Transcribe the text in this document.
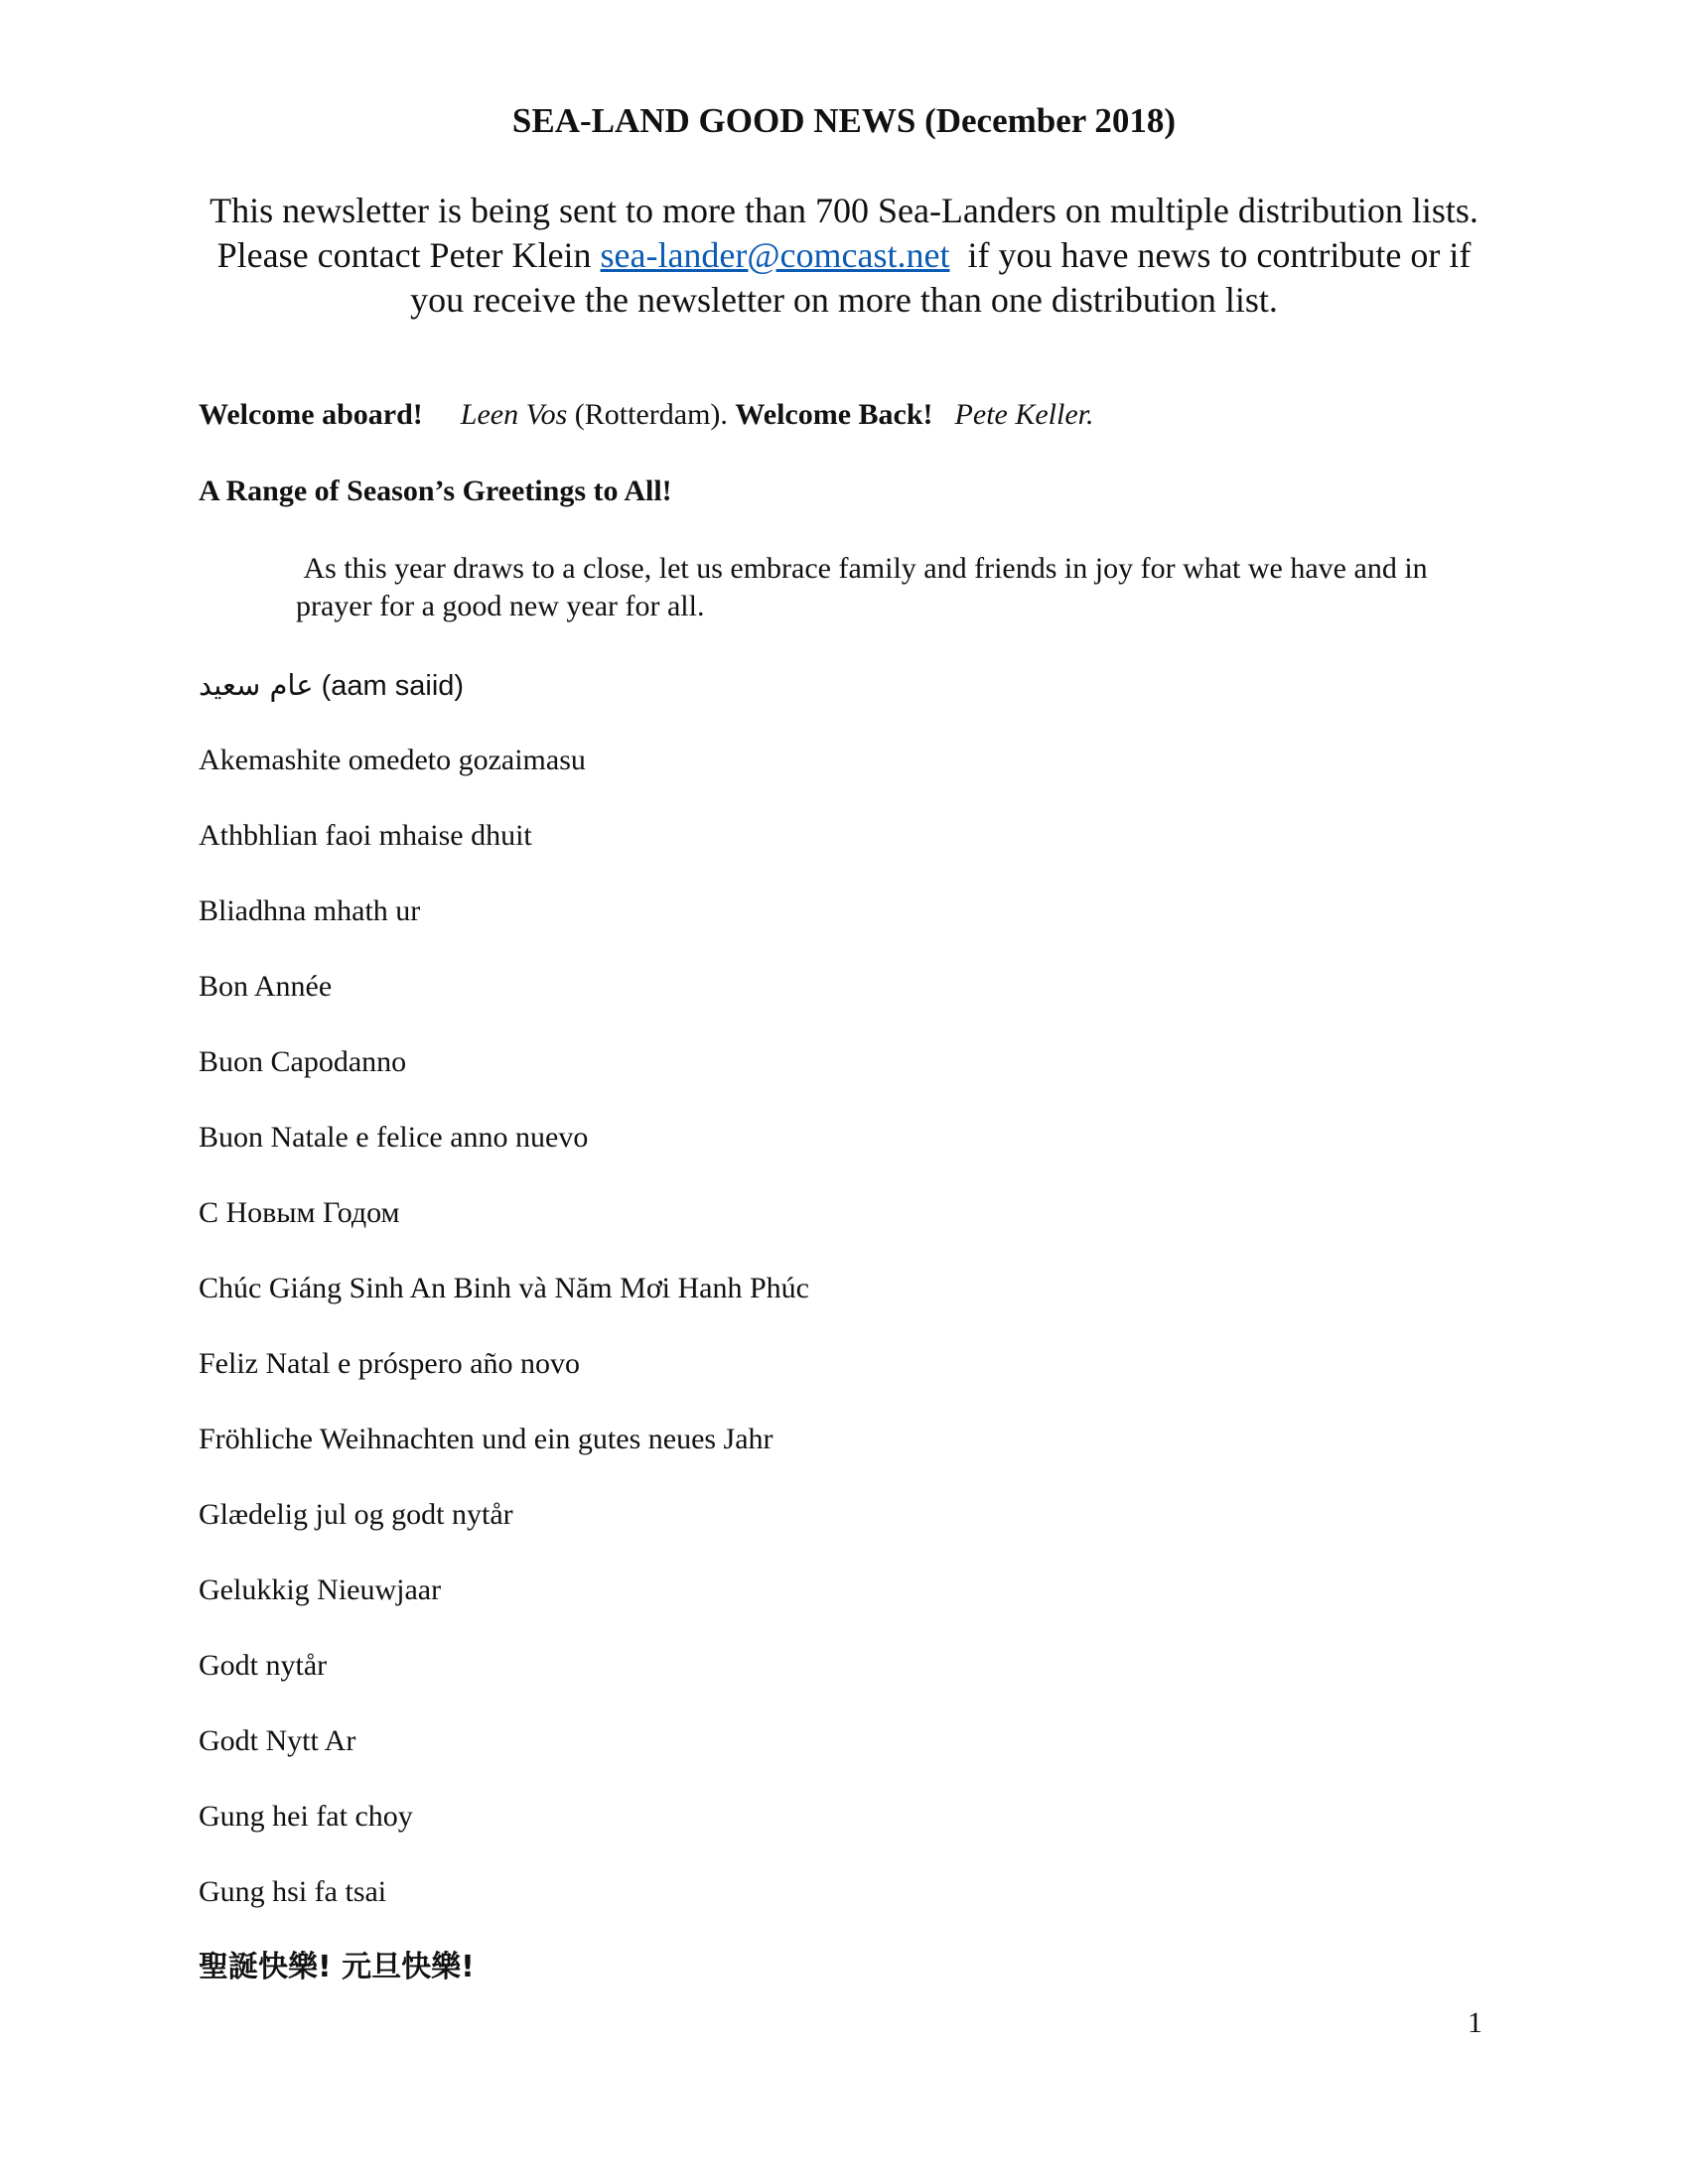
SEA-LAND GOOD NEWS (December 2018)
This newsletter is being sent to more than 700 Sea-Landers on multiple distribution lists. Please contact Peter Klein sea-lander@comcast.net  if you have news to contribute or if you receive the newsletter on more than one distribution list.
Welcome aboard! Leen Vos (Rotterdam). Welcome Back! Pete Keller.
A Range of Season’s Greetings to All!
As this year draws to a close, let us embrace family and friends in joy for what we have and in prayer for a good new year for all.
عام سعيد (aam saiid)
Akemashite omedeto gozaimasu
Athbhlian faoi mhaise dhuit
Bliadhna mhath ur
Bon Année
Buon Capodanno
Buon Natale e felice anno nuevo
С Новым Годом
Chúc Giáng Sinh An Binh và Năm Mơi Hanh Phúc
Feliz Natal e próspero año novo
Fröhliche Weihnachten und ein gutes neues Jahr
Glædelig jul og godt nytår
Gelukkig Nieuwjaar
Godt nytår
Godt Nytt Ar
Gung hei fat choy
Gung hsi fa tsai
聖誕快樂! 元旦快樂!
1
